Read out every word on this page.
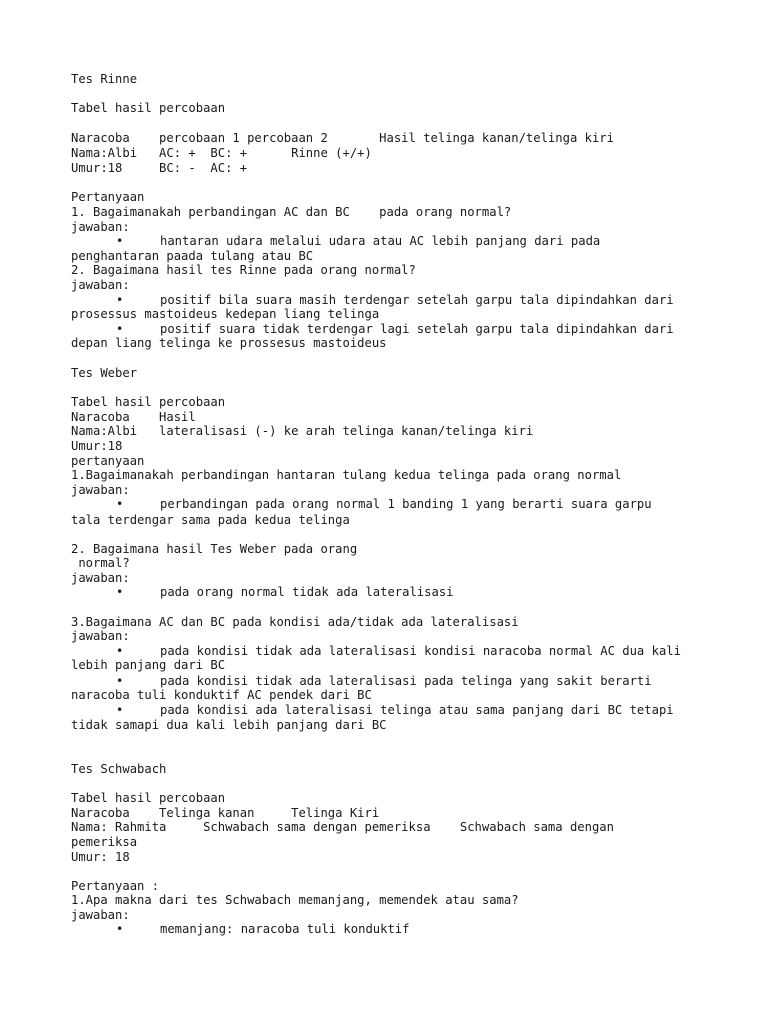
Tes Rinne
Tabel hasil percobaan
Naracoba    percobaan 1 percobaan 2       Hasil telinga kanan/telinga kiri
Nama:Albi   AC: +  BC: +      Rinne (+/+)
Umur:18     BC: -  AC: +
Pertanyaan
1. Bagaimanakah perbandingan AC dan BC    pada orang normal?
jawaban:
•	hantaran udara melalui udara atau AC lebih panjang dari pada
penghantaran paada tulang atau BC
2. Bagaimana hasil tes Rinne pada orang normal?
jawaban:
•	positif bila suara masih terdengar setelah garpu tala dipindahkan dari
prosessus mastoideus kedepan liang telinga
•	positif suara tidak terdengar lagi setelah garpu tala dipindahkan dari
depan liang telinga ke prossesus mastoideus
Tes Weber
Tabel hasil percobaan
Naracoba    Hasil
Nama:Albi   lateralisasi (-) ke arah telinga kanan/telinga kiri
Umur:18
pertanyaan
1.Bagaimanakah perbandingan hantaran tulang kedua telinga pada orang normal
jawaban:
•	perbandingan pada orang normal 1 banding 1 yang berarti suara garpu
tala terdengar sama pada kedua telinga
2. Bagaimana hasil Tes Weber pada orang
normal?
jawaban:
•	pada orang normal tidak ada lateralisasi
3.Bagaimana AC dan BC pada kondisi ada/tidak ada lateralisasi
jawaban:
•	pada kondisi tidak ada lateralisasi kondisi naracoba normal AC dua kali
lebih panjang dari BC
•	pada kondisi tidak ada lateralisasi pada telinga yang sakit berarti
naracoba tuli konduktif AC pendek dari BC
•	pada kondisi ada lateralisasi telinga atau sama panjang dari BC tetapi
tidak samapi dua kali lebih panjang dari BC
Tes Schwabach
Tabel hasil percobaan
Naracoba    Telinga kanan     Telinga Kiri
Nama: Rahmita     Schwabach sama dengan pemeriksa    Schwabach sama dengan
pemeriksa
Umur: 18
Pertanyaan :
1.Apa makna dari tes Schwabach memanjang, memendek atau sama?
jawaban:
•	memanjang: naracoba tuli konduktif
